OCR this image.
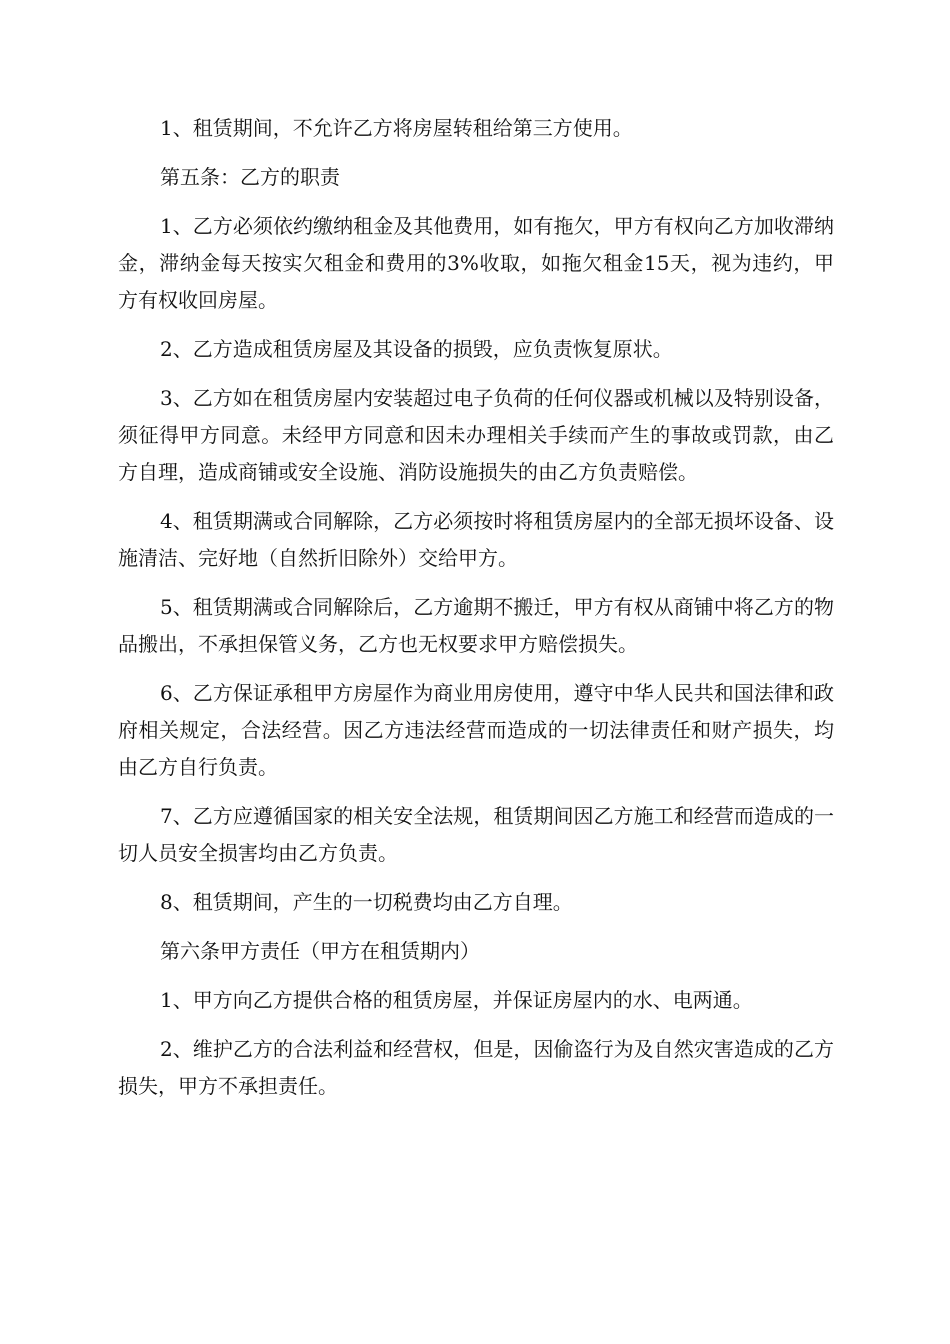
1、租赁期间，不允许乙方将房屋转租给第三方使用。

第五条：乙方的职责

1、乙方必须依约缴纳租金及其他费用，如有拖欠，甲方有权向乙方加收滞纳金，滞纳金每天按实欠租金和费用的3%收取，如拖欠租金15天，视为违约，甲方有权收回房屋。

2、乙方造成租赁房屋及其设备的损毁，应负责恢复原状。

3、乙方如在租赁房屋内安装超过电子负荷的任何仪器或机械以及特别设备，须征得甲方同意。未经甲方同意和因未办理相关手续而产生的事故或罚款，由乙方自理，造成商铺或安全设施、消防设施损失的由乙方负责赔偿。

4、租赁期满或合同解除，乙方必须按时将租赁房屋内的全部无损坏设备、设施清洁、完好地（自然折旧除外）交给甲方。

5、租赁期满或合同解除后，乙方逾期不搬迁，甲方有权从商铺中将乙方的物品搬出，不承担保管义务，乙方也无权要求甲方赔偿损失。

6、乙方保证承租甲方房屋作为商业用房使用，遵守中华人民共和国法律和政府相关规定，合法经营。因乙方违法经营而造成的一切法律责任和财产损失，均由乙方自行负责。

7、乙方应遵循国家的相关安全法规，租赁期间因乙方施工和经营而造成的一切人员安全损害均由乙方负责。

8、租赁期间，产生的一切税费均由乙方自理。

第六条甲方责任（甲方在租赁期内）

1、甲方向乙方提供合格的租赁房屋，并保证房屋内的水、电两通。

2、维护乙方的合法利益和经营权，但是，因偷盗行为及自然灾害造成的乙方损失，甲方不承担责任。
